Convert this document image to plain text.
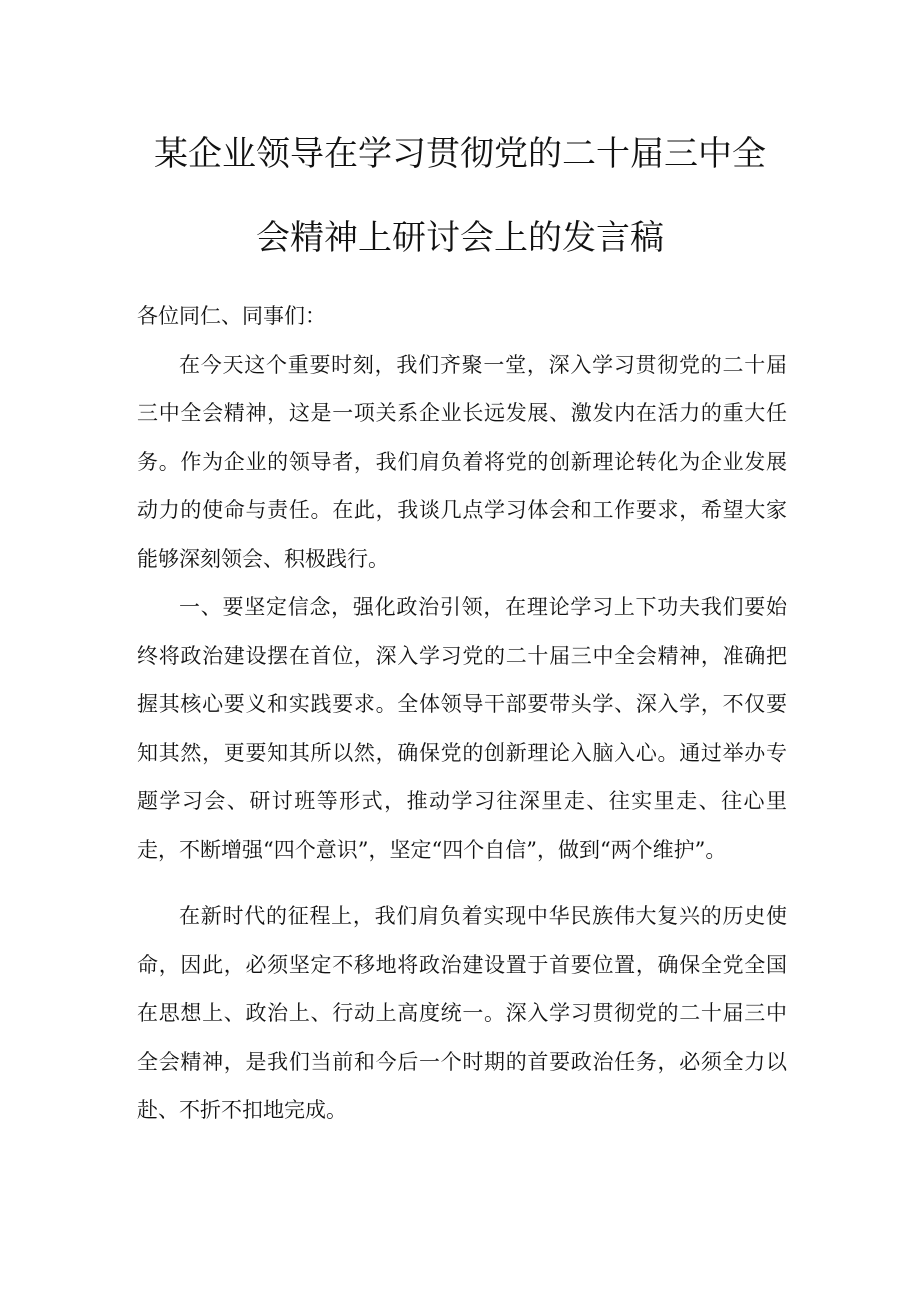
某企业领导在学习贯彻党的二十届三中全
会精神上研讨会上的发言稿

各位同仁、同事们：

在今天这个重要时刻，我们齐聚一堂，深入学习贯彻党的二十届三中全会精神，这是一项关系企业长远发展、激发内在活力的重大任务。作为企业的领导者，我们肩负着将党的创新理论转化为企业发展动力的使命与责任。在此，我谈几点学习体会和工作要求，希望大家能够深刻领会、积极践行。

一、要坚定信念，强化政治引领，在理论学习上下功夫我们要始终将政治建设摆在首位，深入学习党的二十届三中全会精神，准确把握其核心要义和实践要求。全体领导干部要带头学、深入学，不仅要知其然，更要知其所以然，确保党的创新理论入脑入心。通过举办专题学习会、研讨班等形式，推动学习往深里走、往实里走、往心里走，不断增强“四个意识”，坚定“四个自信”，做到“两个维护”。

在新时代的征程上，我们肩负着实现中华民族伟大复兴的历史使命，因此，必须坚定不移地将政治建设置于首要位置，确保全党全国在思想上、政治上、行动上高度统一。深入学习贯彻党的二十届三中全会精神，是我们当前和今后一个时期的首要政治任务，必须全力以赴、不折不扣地完成。
